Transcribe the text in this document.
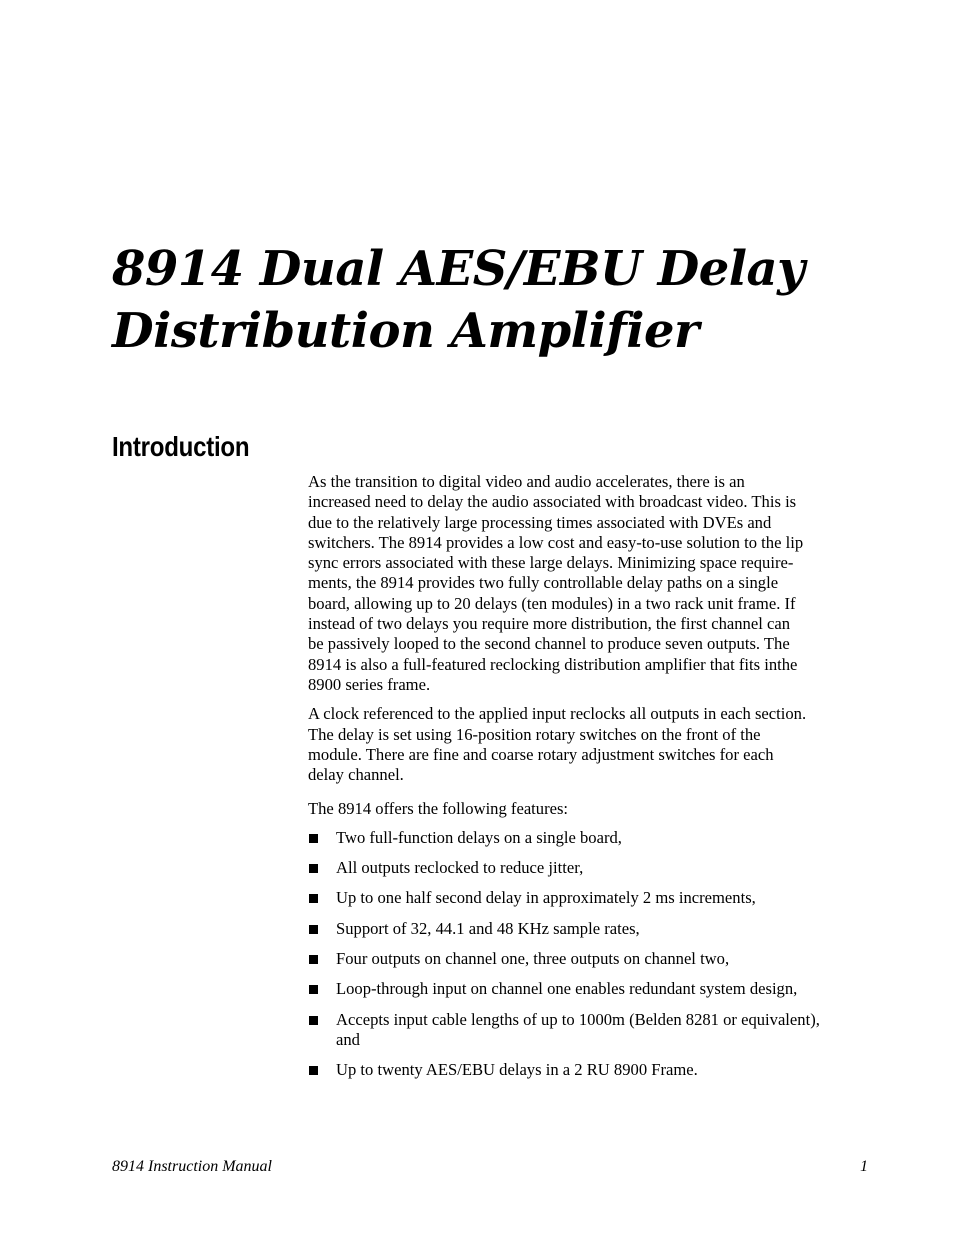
8914 Dual AES/EBU Delay
Distribution Amplifier
Introduction

As the transition to digital video and audio accelerates, there is an
increased need to delay the audio associated with broadcast video. This is
due to the relatively large processing times associated with DVEs and
switchers. The 8914 provides a low cost and easy-to-use solution to the lip
sync errors associated with these large delays. Minimizing space require-
ments, the 8914 provides two fully controllable delay paths on a single
board, allowing up to 20 delays (ten modules) in a two rack unit frame. If
instead of two delays you require more distribution, the first channel can
be passively looped to the second channel to produce seven outputs. The
8914 is also a full-featured reclocking distribution amplifier that fits inthe
8900 series frame.

A clock referenced to the applied input reclocks all outputs in each section.
The delay is set using 16-position rotary switches on the front of the
module. There are fine and coarse rotary adjustment switches for each
delay channel.

The 8914 offers the following features:

Two full-function delays on a single board,
All outputs reclocked to reduce jitter,
Up to one half second delay in approximately 2 ms increments,
Support of 32, 44.1 and 48 KHz sample rates,
Four outputs on channel one, three outputs on channel two,
Loop-through input on channel one enables redundant system design,
Accepts input cable lengths of up to 1000m (Belden 8281 or equivalent),
and
Up to twenty AES/EBU delays in a 2 RU 8900 Frame.
8914 Instruction Manual	1
